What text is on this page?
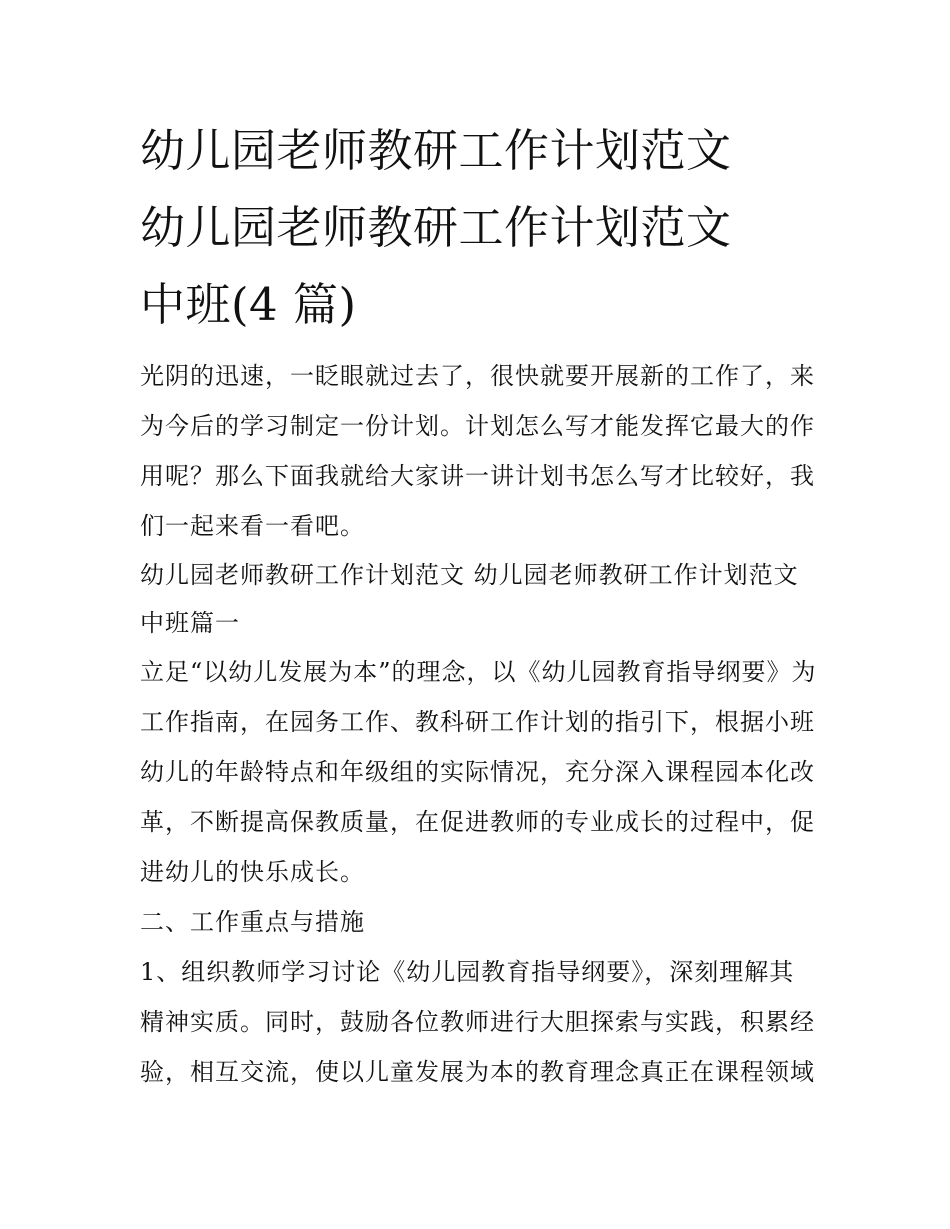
幼儿园老师教研工作计划范文
幼儿园老师教研工作计划范文
中班(4 篇)

光阴的迅速，一眨眼就过去了，很快就要开展新的工作了，来
为今后的学习制定一份计划。计划怎么写才能发挥它最大的作
用呢？那么下面我就给大家讲一讲计划书怎么写才比较好，我
们一起来看一看吧。

幼儿园老师教研工作计划范文 幼儿园老师教研工作计划范文
中班篇一

立足“以幼儿发展为本”的理念，以《幼儿园教育指导纲要》为
工作指南，在园务工作、教科研工作计划的指引下，根据小班
幼儿的年龄特点和年级组的实际情况，充分深入课程园本化改
革，不断提高保教质量，在促进教师的专业成长的过程中，促
进幼儿的快乐成长。

二、工作重点与措施

1、组织教师学习讨论《幼儿园教育指导纲要》，深刻理解其
精神实质。同时，鼓励各位教师进行大胆探索与实践，积累经
验，相互交流，使以儿童发展为本的教育理念真正在课程领域
